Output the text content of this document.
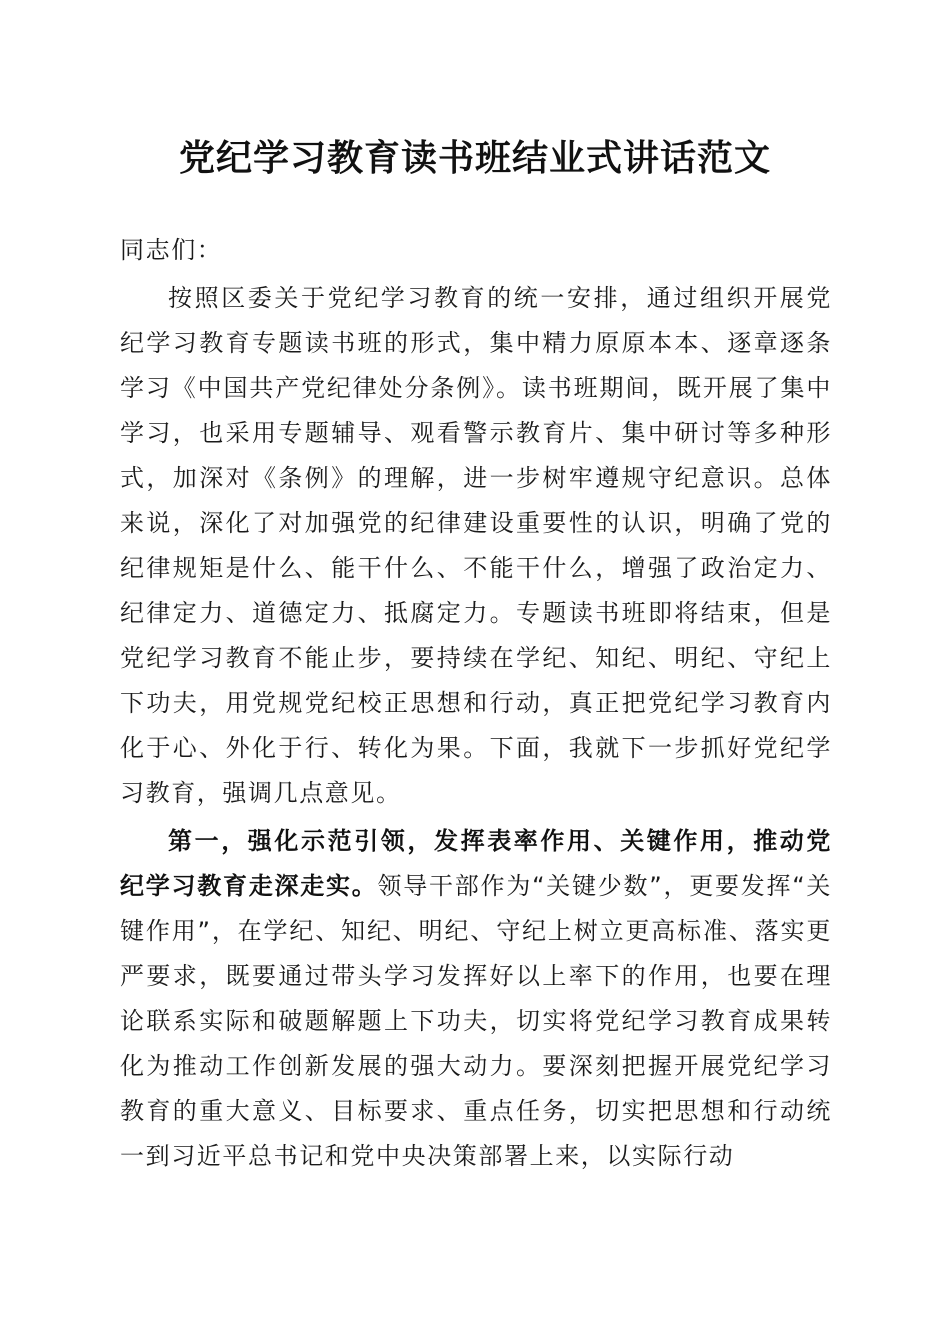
党纪学习教育读书班结业式讲话范文

同志们：

按照区委关于党纪学习教育的统一安排，通过组织开展党纪学习教育专题读书班的形式，集中精力原原本本、逐章逐条学习《中国共产党纪律处分条例》。读书班期间，既开展了集中学习，也采用专题辅导、观看警示教育片、集中研讨等多种形式，加深对《条例》的理解，进一步树牢遵规守纪意识。总体来说，深化了对加强党的纪律建设重要性的认识，明确了党的纪律规矩是什么、能干什么、不能干什么，增强了政治定力、纪律定力、道德定力、抵腐定力。专题读书班即将结束，但是党纪学习教育不能止步，要持续在学纪、知纪、明纪、守纪上下功夫，用党规党纪校正思想和行动，真正把党纪学习教育内化于心、外化于行、转化为果。下面，我就下一步抓好党纪学习教育，强调几点意见。

第一，强化示范引领，发挥表率作用、关键作用，推动党纪学习教育走深走实。领导干部作为“关键少数”，更要发挥“关键作用”，在学纪、知纪、明纪、守纪上树立更高标准、落实更严要求，既要通过带头学习发挥好以上率下的作用，也要在理论联系实际和破题解题上下功夫，切实将党纪学习教育成果转化为推动工作创新发展的强大动力。要深刻把握开展党纪学习教育的重大意义、目标要求、重点任务，切实把思想和行动统一到习近平总书记和党中央决策部署上来，以实际行动
